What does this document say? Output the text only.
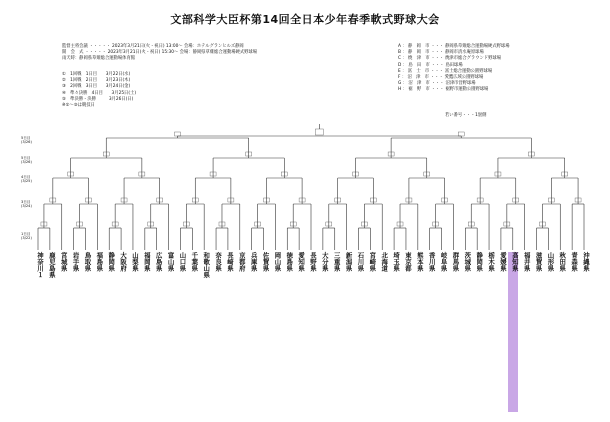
文部科学大臣杯第14回全日本少年春季軟式野球大会
監督主将会議 ・・・・・ 2023年3月21日(火・祝日) 13:00〜 会場：ホテルグランヒルズ静岡
開　会　式 ・・・・・ 2023年3月21日(火・祝日) 15:30〜 会場：静岡県草薙総合運動場硬式野球場
雨天時：静岡県草薙総合運動場体育館
①　1回戦　1日目　　3月22日(水)
②　1回戦　2日目　　3月23日(木)
③　2回戦　3日目　　3月24日(金)
④　準々決勝　4日目　　3月25日(土)
⑤　準決勝・決勝　　　3月26日(日)
※①〜⑤は競技日
A ： 静　岡　市 ・・・ 静岡県草薙総合運動場硬式野球場
B ： 静　岡　市 ・・・ 静岡市清水庵原球場
C ： 焼　津　市 ・・・ 焼津市総合グラウンド野球場
D ： 島　田　市 ・・・ 島田球場
E ： 富　士　市 ・・・ 富士総合運動公園野球場
F ： 沼　津　市 ・・・ 愛鷹広域公園野球場
G ： 沼　津　市 ・・・ 沼津市営野球場
H ： 裾　野　市 ・・・ 裾野市運動公園野球場
若い番号・・・1塁側
5日目
(3/26)
5日目
(3/26)
4日目
(3/25)
3日目
(3/24)
1日目
(3/22)
神奈川１ 鹿児島県 宮城県 岩手県 鳥取県 福島県 静岡県 大阪府 山梨県 福岡県 広島県 富山県 山口県 千葉県 和歌山県 奈良県 長崎県 京都府 兵庫県 佐賀県 岡山県 徳島県 愛知県 長野県 大分県 三重県 新潟県 石川県 宮崎県 北海道 埼玉県 東京都 熊本県 香川県 岐阜県 群馬県 茨城県 静岡県 栃木県 愛媛県 高知県 福井県 滋賀県 山形県 秋田県 青森県 沖縄県
